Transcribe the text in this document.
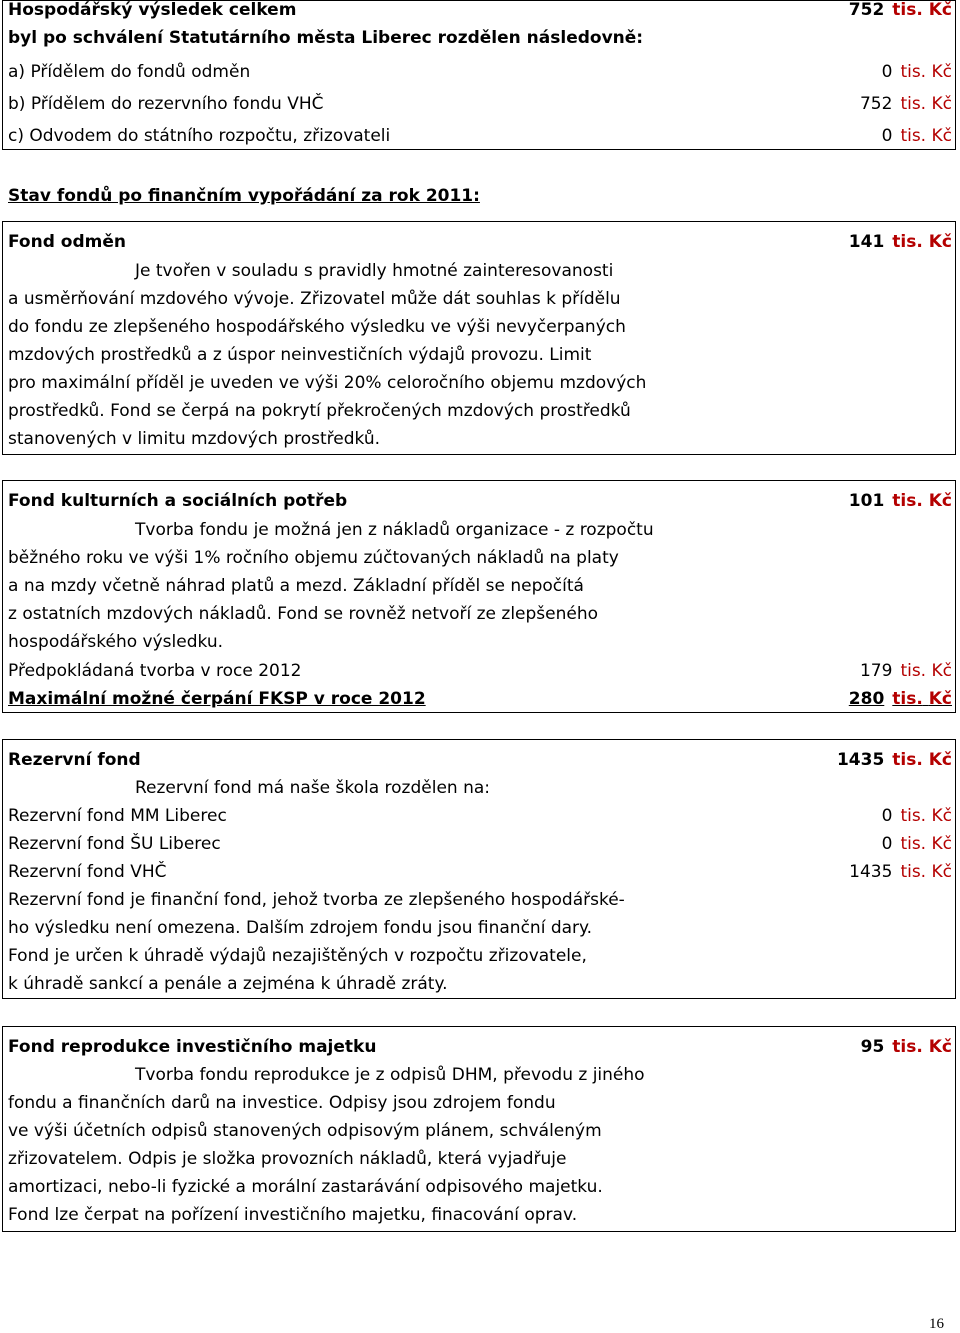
Hospodářský výsledek celkem	752 tis. Kč
byl po schválení Statutárního města Liberec rozdělen následovně:
a) Přídělem do fondů odměn	0 tis. Kč
b) Přídělem do rezervního fondu VHČ	752 tis. Kč
c) Odvodem do státního rozpočtu, zřizovateli	0 tis. Kč
Stav fondů po finančním vypořádání za rok 2011:
Fond odměn	141 tis. Kč
Je tvořen v souladu s pravidly hmotné zainteresovanosti
a usměrňování mzdového vývoje. Zřizovatel může dát souhlas k přídělu
do fondu ze zlepšeného hospodářského výsledku ve výši nevyčerpaných
mzdových prostředků a z úspor neinvestičních výdajů provozu. Limit
pro maximální příděl je uveden ve výši 20% celoročního objemu mzdových
prostředků. Fond se čerpá na pokrytí překročených mzdových prostředků
stanovených v limitu mzdových prostředků.
Fond kulturních a sociálních potřeb	101 tis. Kč
Tvorba fondu je možná jen z nákladů organizace - z rozpočtu
běžného roku ve výši 1% ročního objemu zúčtovaných nákladů na platy
a na mzdy včetně náhrad platů a mezd. Základní příděl se nepočítá
z ostatních mzdových nákladů. Fond se rovněž netvoří ze zlepšeného
hospodářského výsledku.
Předpokládaná tvorba v roce 2012	179 tis. Kč
Maximální možné čerpání FKSP v roce 2012	280 tis. Kč
Rezervní fond	1435 tis. Kč
Rezervní fond má naše škola rozdělen na:
Rezervní fond MM Liberec	0 tis. Kč
Rezervní fond ŠU Liberec	0 tis. Kč
Rezervní fond VHČ	1435 tis. Kč
Rezervní fond je finanční fond, jehož tvorba ze zlepšeného hospodářské-
ho výsledku není omezena. Dalším zdrojem fondu jsou finanční dary.
Fond je určen k úhradě výdajů nezajištěných v rozpočtu zřizovatele,
k úhradě sankcí a penále a zejména k úhradě zráty.
Fond reprodukce investičního majetku	95 tis. Kč
Tvorba fondu reprodukce je z odpisů DHM, převodu z jiného
fondu a finančních darů na investice. Odpisy jsou zdrojem fondu
ve výši účetních odpisů stanovených odpisovým plánem, schváleným
zřizovatelem. Odpis je složka provozních nákladů, která vyjadřuje
amortizaci, nebo-li fyzické a morální zastarávání odpisového majetku.
Fond lze čerpat na pořízení investičního majetku, finacování oprav.
16
